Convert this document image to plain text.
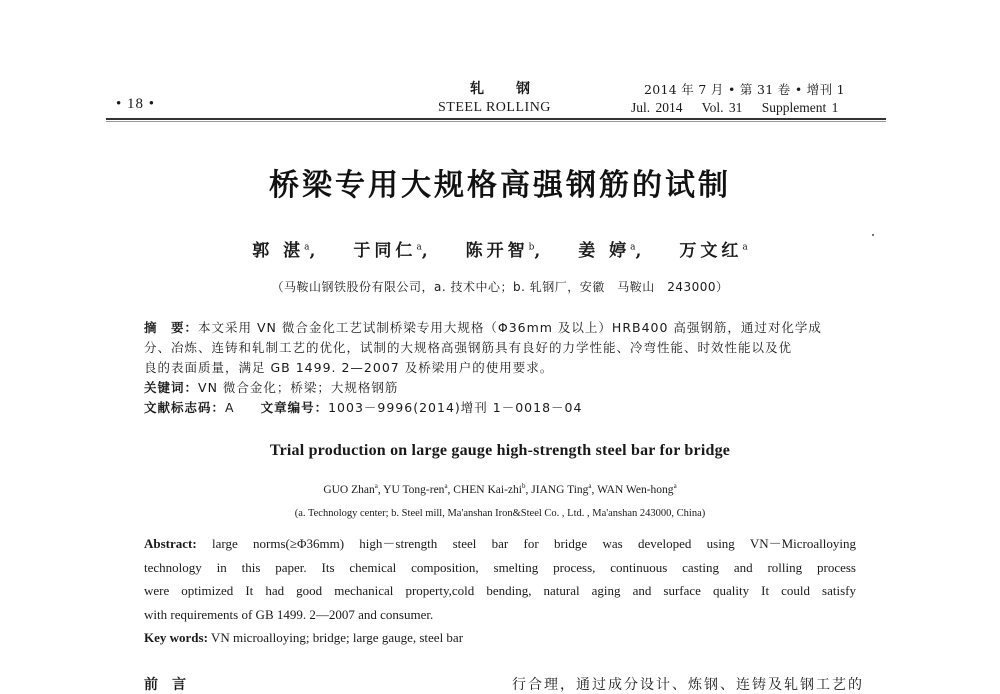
• 18 •
轧钢
STEEL ROLLING
2014 年 7 月 • 第 31 卷 • 增刊 1
Jul. 2014 Vol. 31 Supplement 1
桥梁专用大规格高强钢筋的试制
郭 湛$^a$, 于同仁$^a$, 陈开智$^b$, 姜 婷$^a$, 万文红$^a$
（马鞍山钢铁股份有限公司，a. 技术中心；b. 轧钢厂，安徽　马鞍山　243000）

摘　要：本文采用 VN 微合金化工艺试制桥梁专用大规格（Φ36mm 及以上）HRB400 高强钢筋，通过对化学成

分、冶炼、连铸和轧制工艺的优化，试制的大规格高强钢筋具有良好的力学性能、冷弯性能、时效性能以及优

良的表面质量，满足 GB 1499. 2—2007 及桥梁用户的使用要求。

关键词：VN 微合金化；桥梁；大规格钢筋

文献标志码：A 文章编号：1003－9996(2014)增刊 1－0018－04

Trial production on large gauge high-strength steel bar for bridge
GUO Zhan$^a$, YU Tong-ren$^a$, CHEN Kai-zhi$^b$, JIANG Ting$^a$, WAN Wen-hong$^a$
(a. Technology center; b. Steel mill, Ma'anshan Iron&Steel Co. , Ltd. , Ma'anshan 243000, China)
Abstract: large norms(≥Φ36mm) high－strength steel bar for bridge was developed using VN－Microalloying
technology in this paper. Its chemical composition, smelting process, continuous casting and rolling process
were optimized It had good mechanical property,cold bending, natural aging and surface quality It could satisfy
with requirements of GB 1499. 2—2007 and consumer.
Key words: VN microalloying; bridge; large gauge, steel bar
前　言	行合理，通过成分设计、炼钢、连铸及轧钢工艺的
